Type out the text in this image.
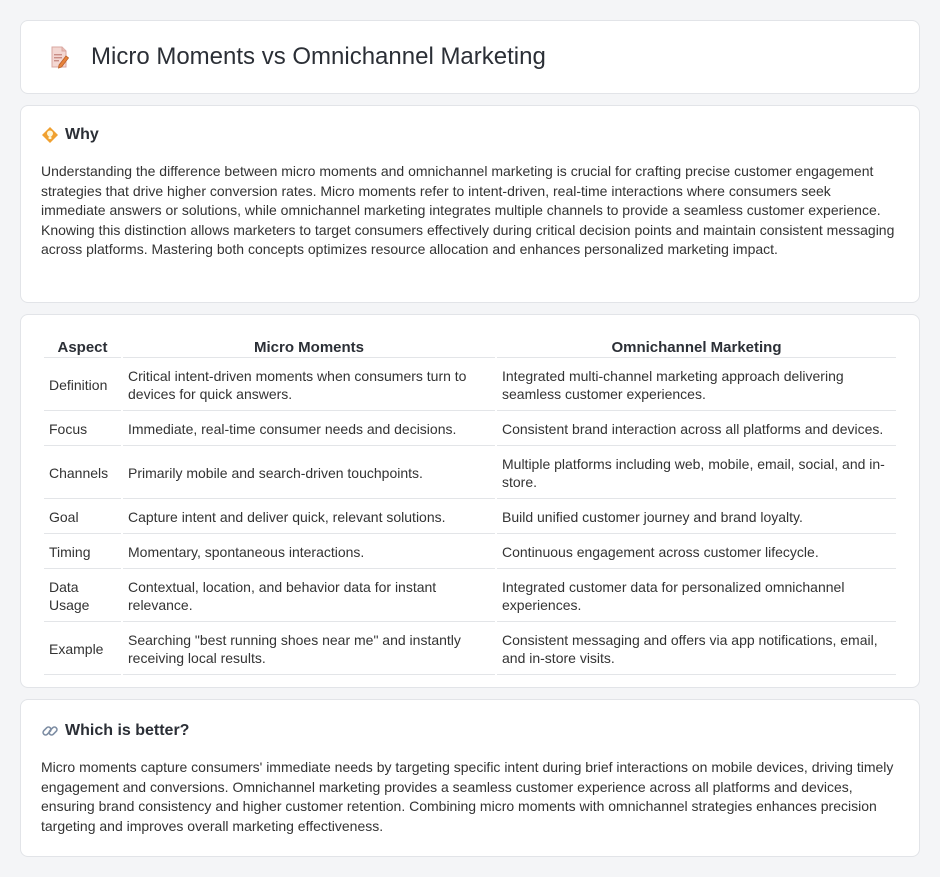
Micro Moments vs Omnichannel Marketing
Why

Understanding the difference between micro moments and omnichannel marketing is crucial for crafting precise customer engagement strategies that drive higher conversion rates. Micro moments refer to intent-driven, real-time interactions where consumers seek immediate answers or solutions, while omnichannel marketing integrates multiple channels to provide a seamless customer experience. Knowing this distinction allows marketers to target consumers effectively during critical decision points and maintain consistent messaging across platforms. Mastering both concepts optimizes resource allocation and enhances personalized marketing impact.

Aspect	Micro Moments	Omnichannel Marketing
Definition	Critical intent-driven moments when consumers turn to devices for quick answers.	Integrated multi-channel marketing approach delivering seamless customer experiences.
Focus	Immediate, real-time consumer needs and decisions.	Consistent brand interaction across all platforms and devices.
Channels	Primarily mobile and search-driven touchpoints.	Multiple platforms including web, mobile, email, social, and in-store.
Goal	Capture intent and deliver quick, relevant solutions.	Build unified customer journey and brand loyalty.
Timing	Momentary, spontaneous interactions.	Continuous engagement across customer lifecycle.
Data Usage	Contextual, location, and behavior data for instant relevance.	Integrated customer data for personalized omnichannel experiences.
Example	Searching "best running shoes near me" and instantly receiving local results.	Consistent messaging and offers via app notifications, email, and in-store visits.
Which is better?

Micro moments capture consumers' immediate needs by targeting specific intent during brief interactions on mobile devices, driving timely engagement and conversions. Omnichannel marketing provides a seamless customer experience across all platforms and devices, ensuring brand consistency and higher customer retention. Combining micro moments with omnichannel strategies enhances precision targeting and improves overall marketing effectiveness.
